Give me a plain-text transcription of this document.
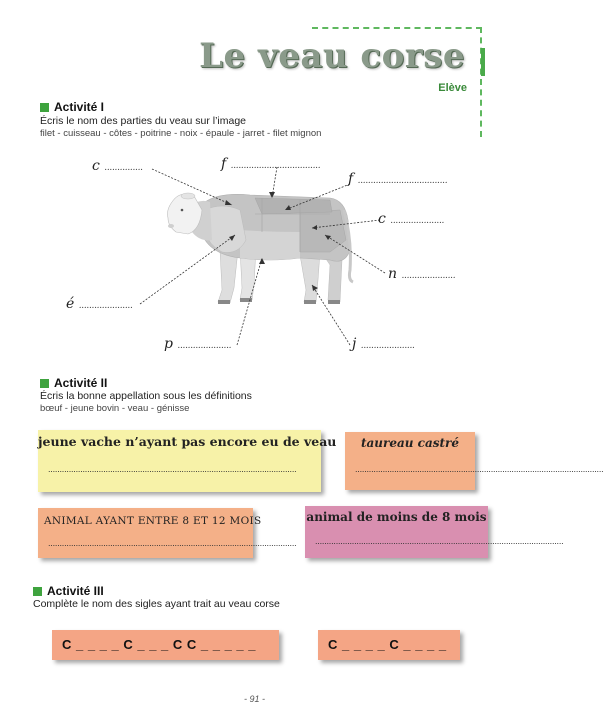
Le veau corse
Elève
Activité I
Écris le nom des parties du veau sur l’image
filet - cuisseau - côtes - poitrine - noix - épaule - jarret - filet mignon
c ...............	f ...................................
f ...................................
c .....................
n .....................
é .....................
p .....................	j .....................
Activité II
Écris la bonne appellation sous les définitions
bœuf - jeune bovin - veau - génisse
jeune vache n’ayant pas encore eu de veau
............................................................................................................
taureau castré
............................................................................................................
ANIMAL AYANT ENTRE 8 ET 12 MOIS
............................................................................................................
animal de moins de 8 mois
............................................................................................................
Activité III
Complète le nom des sigles ayant trait au veau corse
C _ _ _ _ C _ _ _ C C _ _ _ _ _	C _ _ _ _ C _ _ _ _
- 91 -
